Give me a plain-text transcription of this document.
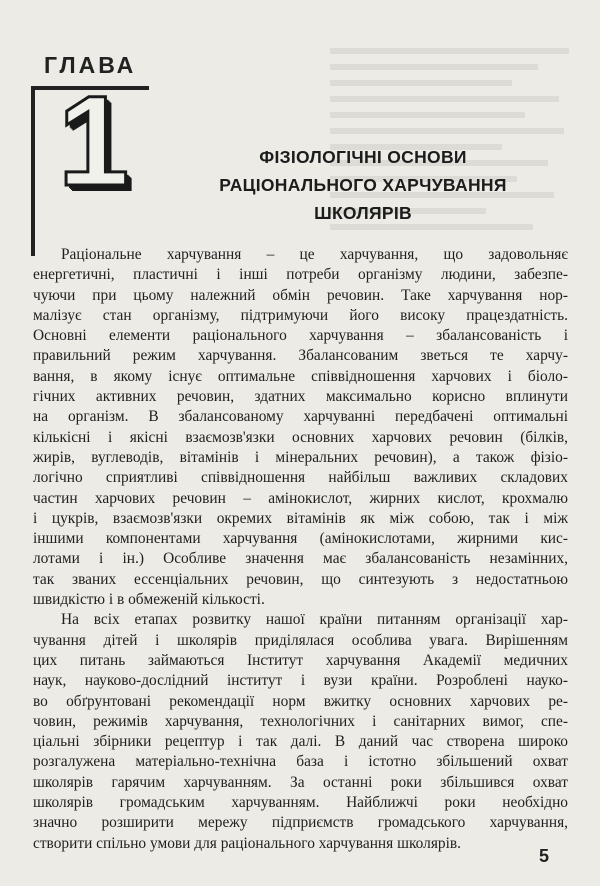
ГЛАВА
1	ФІЗІОЛОГІЧНІ ОСНОВИ
РАЦІОНАЛЬНОГО ХАРЧУВАННЯ
ШКОЛЯРІВ
Раціональне харчування – це харчування, що задовольняє
енергетичні, пластичні і інші потреби організму людини, забезпе-
чуючи при цьому належний обмін речовин. Таке харчування нор-
малізує стан організму, підтримуючи його високу працездатність.
Основні елементи раціонального харчування – збалансованість і
правильний режим харчування. Збалансованим зветься те харчу-
вання, в якому існує оптимальне співвідношення харчових і біоло-
гічних активних речовин, здатних максимально корисно вплинути
на організм. В збалансованому харчуванні передбачені оптимальні
кількісні і якісні взаємозв'язки основних харчових речовин (білків,
жирів, вуглеводів, вітамінів і мінеральних речовин), а також фізіо-
логічно сприятливі співвідношення найбільш важливих складових
частин харчових речовин – амінокислот, жирних кислот, крохмалю
і цукрів, взаємозв'язки окремих вітамінів як між собою, так і між
іншими компонентами харчування (амінокислотами, жирними кис-
лотами і ін.) Особливе значення має збалансованість незамінних,
так званих ессенціальних речовин, що синтезують з недостатньою
швидкістю і в обмеженій кількості.
На всіх етапах розвитку нашої країни питанням організації хар-
чування дітей і школярів приділялася особлива увага. Вирішенням
цих питань займаються Інститут харчування Академії медичних
наук, науково-дослідний інститут і вузи країни. Розроблені науко-
во обґрунтовані рекомендації норм вжитку основних харчових ре-
човин, режимів харчування, технологічних і санітарних вимог, спе-
ціальні збірники рецептур і так далі. В даний час створена широко
розгалужена матеріально-технічна база і істотно збільшений охват
школярів гарячим харчуванням. За останні роки збільшився охват
школярів громадським харчуванням. Найближчі роки необхідно
значно розширити мережу підприємств громадського харчування,
створити спільно умови для раціонального харчування школярів.
5
